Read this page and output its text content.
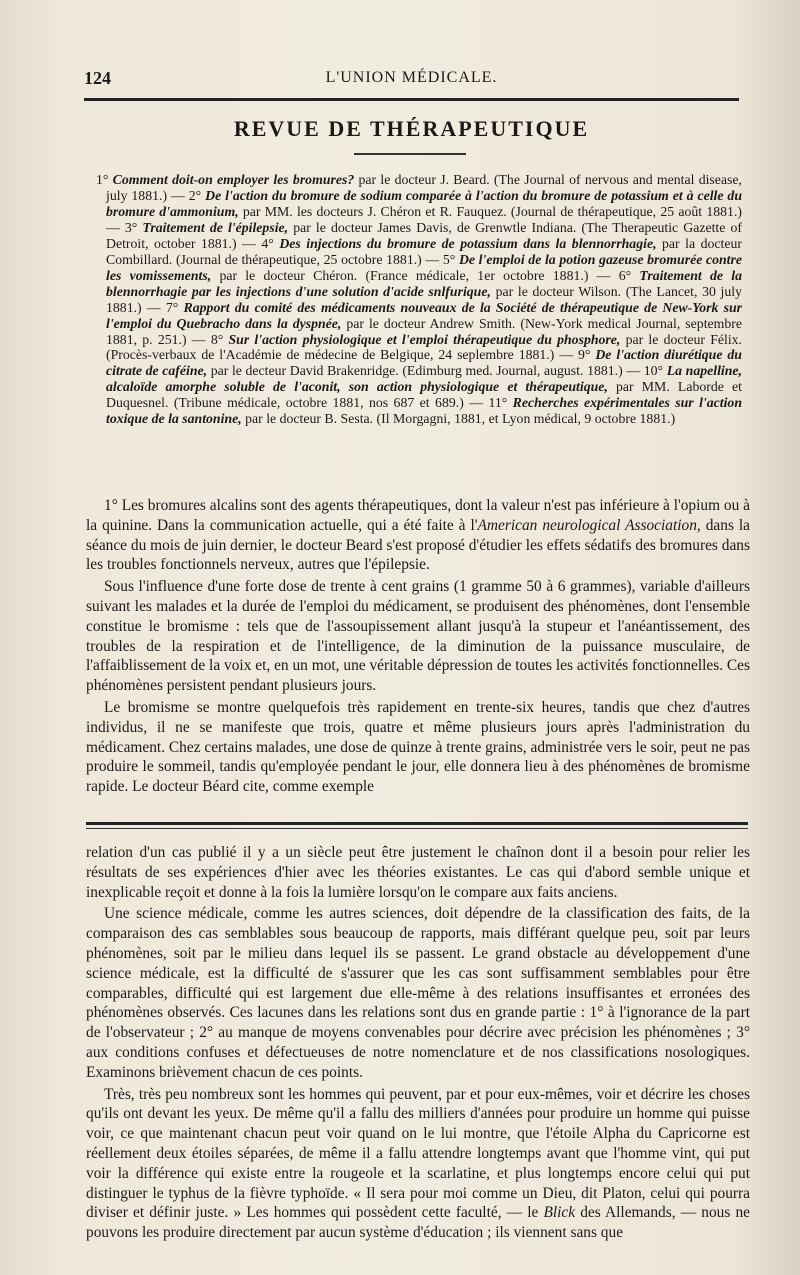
124	L'UNION MÉDICALE.
REVUE DE THÉRAPEUTIQUE

1° Comment doit-on employer les bromures? par le docteur J. Beard. (The Journal of nervous and mental disease, july 1881.) — 2° De l'action du bromure de sodium comparée à l'action du bromure de potassium et à celle du bromure d'ammonium, par MM. les docteurs J. Chéron et R. Fauquez. (Journal de thérapeutique, 25 août 1881.) — 3° Traitement de l'épilepsie, par le docteur James Davis, de Grenwtle Indiana. (The Therapeutic Gazette of Detroit, october 1881.) — 4° Des injections du bromure de potassium dans la blennorrhagie, par la docteur Combillard. (Journal de thérapeutique, 25 octobre 1881.) — 5° De l'emploi de la potion gazeuse bromurée contre les vomissements, par le docteur Chéron. (France médicale, 1er octobre 1881.) — 6° Traitement de la blennorrhagie par les injections d'une solution d'acide snlfurique, par le docteur Wilson. (The Lancet, 30 july 1881.) — 7° Rapport du comité des médicaments nouveaux de la Société de thérapeutique de New-York sur l'emploi du Quebracho dans la dyspnée, par le docteur Andrew Smith. (New-York medical Journal, septembre 1881, p. 251.) — 8° Sur l'action physiologique et l'emploi thérapeutique du phosphore, par le docteur Félix. (Procès-verbaux de l'Académie de médecine de Belgique, 24 seplembre 1881.) — 9° De l'action diurétique du citrate de caféine, par le decteur David Brakenridge. (Edimburg med. Journal, august. 1881.) — 10° La napelline, alcaloïde amorphe soluble de l'aconit, son action physiologique et thérapeutique, par MM. Laborde et Duquesnel. (Tribune médicale, octobre 1881, nos 687 et 689.) — 11° Recherches expérimentales sur l'action toxique de la santonine, par le docteur B. Sesta. (Il Morgagni, 1881, et Lyon médical, 9 octobre 1881.)

1° Les bromures alcalins sont des agents thérapeutiques, dont la valeur n'est pas inférieure à l'opium ou à la quinine. Dans la communication actuelle, qui a été faite à l'American neurological Association, dans la séance du mois de juin dernier, le docteur Beard s'est proposé d'étudier les effets sédatifs des bromures dans les troubles fonctionnels nerveux, autres que l'épilepsie.

Sous l'influence d'une forte dose de trente à cent grains (1 gramme 50 à 6 grammes), variable d'ailleurs suivant les malades et la durée de l'emploi du médicament, se produisent des phénomènes, dont l'ensemble constitue le bromisme : tels que de l'assoupissement allant jusqu'à la stupeur et l'anéantissement, des troubles de la respiration et de l'intelligence, de la diminution de la puissance musculaire, de l'affaiblissement de la voix et, en un mot, une véritable dépression de toutes les activités fonctionnelles. Ces phénomènes persistent pendant plusieurs jours.

Le bromisme se montre quelquefois très rapidement en trente-six heures, tandis que chez d'autres individus, il ne se manifeste que trois, quatre et même plusieurs jours après l'administration du médicament. Chez certains malades, une dose de quinze à trente grains, administrée vers le soir, peut ne pas produire le sommeil, tandis qu'employée pendant le jour, elle donnera lieu à des phénomènes de bromisme rapide. Le docteur Béard cite, comme exemple

relation d'un cas publié il y a un siècle peut être justement le chaînon dont il a besoin pour relier les résultats de ses expériences d'hier avec les théories existantes. Le cas qui d'abord semble unique et inexplicable reçoit et donne à la fois la lumière lorsqu'on le compare aux faits anciens.

Une science médicale, comme les autres sciences, doit dépendre de la classification des faits, de la comparaison des cas semblables sous beaucoup de rapports, mais différant quelque peu, soit par leurs phénomènes, soit par le milieu dans lequel ils se passent. Le grand obstacle au développement d'une science médicale, est la difficulté de s'assurer que les cas sont suffisamment semblables pour être comparables, difficulté qui est largement due elle-même à des relations insuffisantes et erronées des phénomènes observés. Ces lacunes dans les relations sont dus en grande partie : 1° à l'ignorance de la part de l'observateur ; 2° au manque de moyens convenables pour décrire avec précision les phénomènes ; 3° aux conditions confuses et défectueuses de notre nomenclature et de nos classifications nosologiques. Examinons brièvement chacun de ces points.

Très, très peu nombreux sont les hommes qui peuvent, par et pour eux-mêmes, voir et décrire les choses qu'ils ont devant les yeux. De même qu'il a fallu des milliers d'années pour produire un homme qui puisse voir, ce que maintenant chacun peut voir quand on le lui montre, que l'étoile Alpha du Capricorne est réellement deux étoiles séparées, de même il a fallu attendre longtemps avant que l'homme vint, qui put voir la différence qui existe entre la rougeole et la scarlatine, et plus longtemps encore celui qui put distinguer le typhus de la fièvre typhoïde. « Il sera pour moi comme un Dieu, dit Platon, celui qui pourra diviser et définir juste. » Les hommes qui possèdent cette faculté, — le Blick des Allemands, — nous ne pouvons les produire directement par aucun système d'éducation ; ils viennent sans que
